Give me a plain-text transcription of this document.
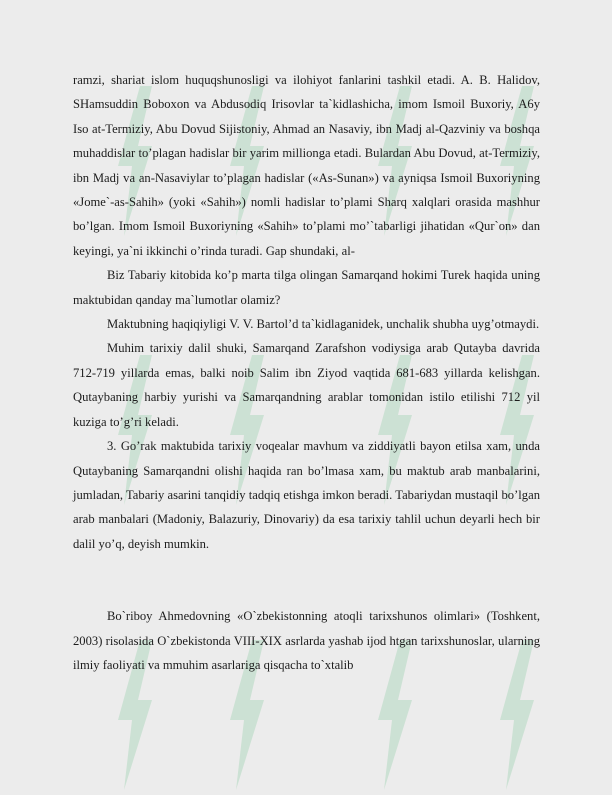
ramzi, shariat islom huquqshunosligi va ilohiyot fanlarini tashkil etadi. A. B. Halidov, SHamsuddin Boboxon va Abdusodiq Irisovlar ta`kidlashicha, imom Ismoil Buxoriy, A6y Iso at-Termiziy, Abu Dovud Sijistoniy, Ahmad an Nasaviy, ibn Madj al-Qazviniy va boshqa muhaddislar to’plagan hadislar bir yarim millionga etadi. Bulardan Abu Dovud, at-Termiziy, ibn Madj va an-Nasaviylar to’plagan hadislar («As-Sunan») va ayniqsa Ismoil Buxoriyning «Jome`-as-Sahih» (yoki «Sahih») nomli hadislar to’plami Sharq xalqlari orasida mashhur bo’lgan. Imom Ismoil Buxoriyning «Sahih» to’plami mo’`tabarligi jihatidan «Qur`on» dan keyingi, ya`ni ikkinchi o’rinda turadi. Gap shundaki, al-

Biz Tabariy kitobida ko’p marta tilga olingan Samarqand hokimi Turek haqida uning maktubidan qanday ma`lumotlar olamiz?

Maktubning haqiqiyligi V. V. Bartol’d ta`kidlaganidek, unchalik shubha uyg’otmaydi.

Muhim tarixiy dalil shuki, Samarqand Zarafshon vodiysiga arab Qutayba davrida 712-719 yillarda emas, balki noib Salim ibn Ziyod vaqtida 681-683 yillarda kelishgan. Qutaybaning harbiy yurishi va Samarqandning arablar tomonidan istilo etilishi 712 yil kuziga to’g’ri keladi.

3. Go’rak maktubida tarixiy voqealar mavhum va ziddiyatli bayon etilsa xam, unda Qutaybaning Samarqandni olishi haqida ran bo’lmasa xam, bu maktub arab manbalarini, jumladan, Tabariy asarini tanqidiy tadqiq etishga imkon beradi. Tabariydan mustaqil bo’lgan arab manbalari (Madoniy, Balazuriy, Dinovariy) da esa tarixiy tahlil uchun deyarli hech bir dalil yo’q, deyish mumkin.

Bo`riboy Ahmedovning «O`zbekistonning atoqli tarixshunos olimlari» (Toshkent, 2003) risolasida O`zbekistonda VIII-XIX asrlarda yashab ijod htgan tarixshunoslar, ularning ilmiy faoliyati va mmuhim asarlariga qisqacha to`xtalib
